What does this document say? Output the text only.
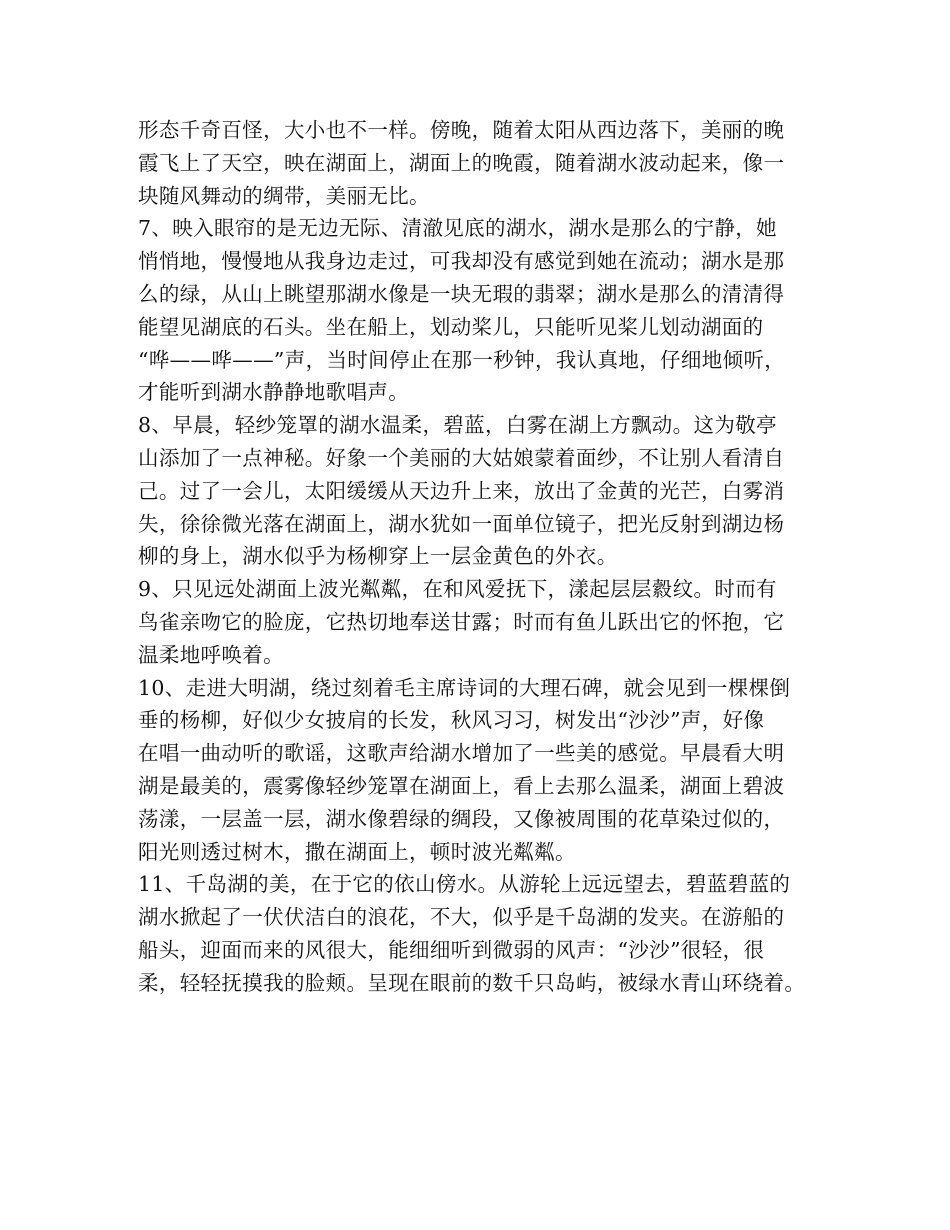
形态千奇百怪，大小也不一样。傍晚，随着太阳从西边落下，美丽的晚
霞飞上了天空，映在湖面上，湖面上的晚霞，随着湖水波动起来，像一
块随风舞动的绸带，美丽无比。
7、映入眼帘的是无边无际、清澈见底的湖水，湖水是那么的宁静，她
悄悄地，慢慢地从我身边走过，可我却没有感觉到她在流动；湖水是那
么的绿，从山上眺望那湖水像是一块无瑕的翡翠；湖水是那么的清清得
能望见湖底的石头。坐在船上，划动桨儿，只能听见桨儿划动湖面的
“哗——哗——”声，当时间停止在那一秒钟，我认真地，仔细地倾听，
才能听到湖水静静地歌唱声。
8、早晨，轻纱笼罩的湖水温柔，碧蓝，白雾在湖上方飘动。这为敬亭
山添加了一点神秘。好象一个美丽的大姑娘蒙着面纱，不让别人看清自
己。过了一会儿，太阳缓缓从天边升上来，放出了金黄的光芒，白雾消
失，徐徐微光落在湖面上，湖水犹如一面单位镜子，把光反射到湖边杨
柳的身上，湖水似乎为杨柳穿上一层金黄色的外衣。
9、只见远处湖面上波光粼粼，在和风爱抚下，漾起层层縠纹。时而有
鸟雀亲吻它的脸庞，它热切地奉送甘露；时而有鱼儿跃出它的怀抱，它
温柔地呼唤着。
10、走进大明湖，绕过刻着毛主席诗词的大理石碑，就会见到一棵棵倒
垂的杨柳，好似少女披肩的长发，秋风习习，树发出“沙沙”声，好像
在唱一曲动听的歌谣，这歌声给湖水增加了一些美的感觉。早晨看大明
湖是最美的，震雾像轻纱笼罩在湖面上，看上去那么温柔，湖面上碧波
荡漾，一层盖一层，湖水像碧绿的绸段，又像被周围的花草染过似的，
阳光则透过树木，撒在湖面上，顿时波光粼粼。
11、千岛湖的美，在于它的依山傍水。从游轮上远远望去，碧蓝碧蓝的
湖水掀起了一伏伏洁白的浪花，不大，似乎是千岛湖的发夹。在游船的
船头，迎面而来的风很大，能细细听到微弱的风声：“沙沙”很轻，很
柔，轻轻抚摸我的脸颊。呈现在眼前的数千只岛屿，被绿水青山环绕着。
